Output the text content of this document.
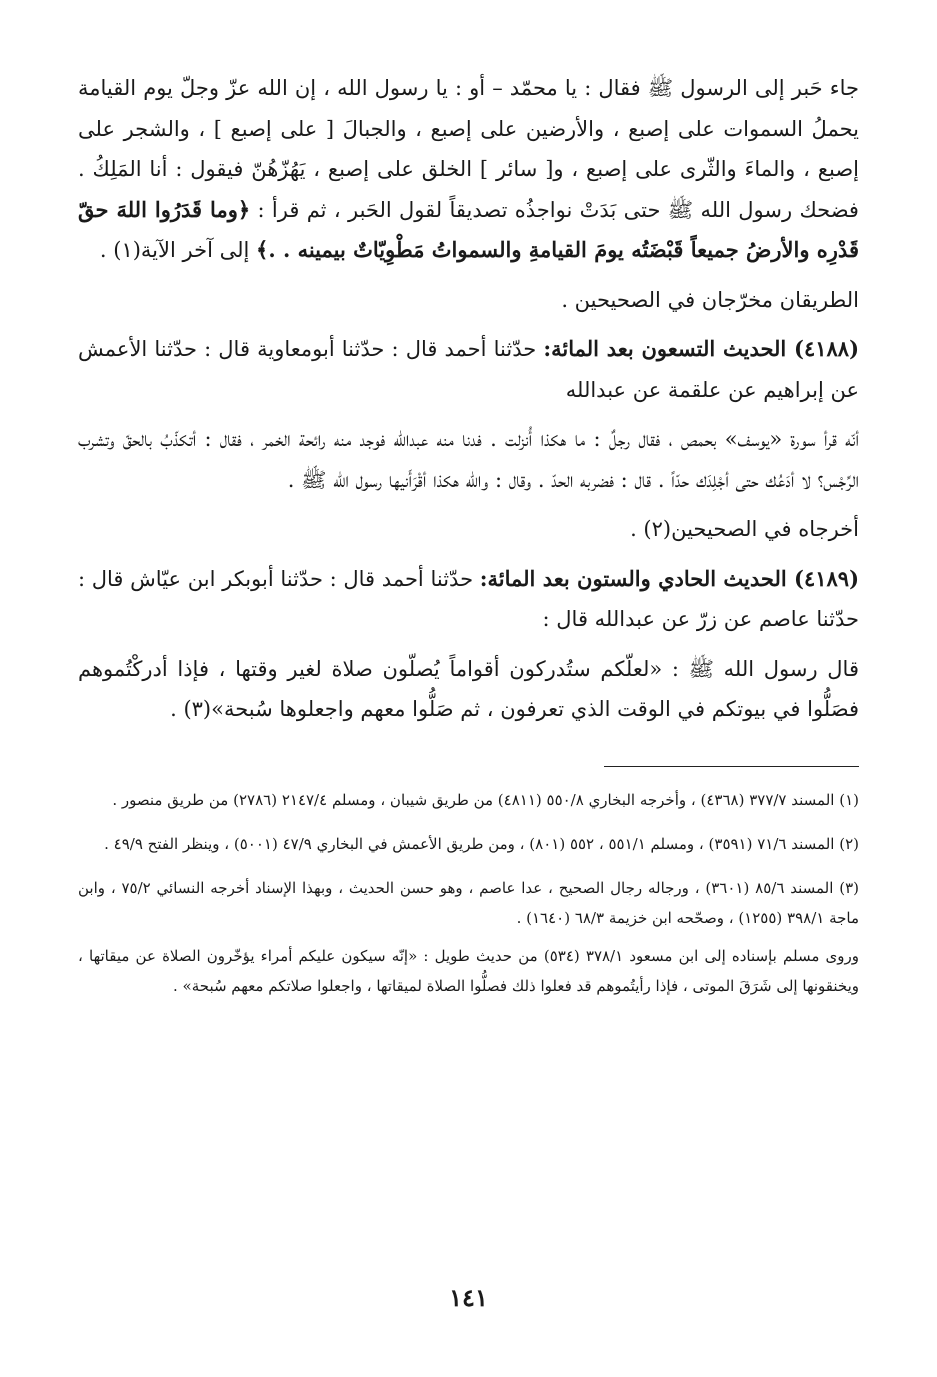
جاء حَبر إلى الرسول ﷺ فقال : يا محمّد – أو : يا رسول الله ، إن الله عزّ وجلّ يوم القيامة يحملُ السموات على إصبع ، والأرضين على إصبع ، والجبالَ [ على إصبع ] ، والشجر على إصبع ، والماءَ والثّرى على إصبع ، و[ سائر ] الخلق على إصبع ، يَهُزّهُنّ فيقول : أنا المَلِكُ . فضحك رسول الله ﷺ حتى بَدَتْ نواجذُه تصديقاً لقول الحَبر ، ثم قرأ : ﴿وما قَدَرُوا اللهَ حقّ قَدْرِه والأرضُ جميعاً قَبْضَتُه يومَ القيامةِ والسمواتُ مَطْوِيّاتٌ بيمينه . .﴾ إلى آخر الآية(١) .

الطريقان مخرّجان في الصحيحين .

(٤١٨٨) الحديث التسعون بعد المائة: حدّثنا أحمد قال : حدّثنا أبومعاوية قال : حدّثنا الأعمش عن إبراهيم عن علقمة عن عبدالله

أنّه قرأ سورة «يوسف» بحمص ، فقال رجلٌ : ما هكذا أُنزلت . فدنا منه عبدالله فوجد منه رائحة الخمر ، فقال : أتكذّبُ بالحقّ وتشرب الرِّجْس؟ لا أدَعُك حتى أجْلِدَك حدّاً . قال : فضربه الحدّ . وقال : والله هكذا أقْرَأَنيها رسول الله ﷺ .

أخرجاه في الصحيحين(٢) .

(٤١٨٩) الحديث الحادي والستون بعد المائة: حدّثنا أحمد قال : حدّثنا أبوبكر ابن عيّاش قال : حدّثنا عاصم عن زرّ عن عبدالله قال :

قال رسول الله ﷺ : «لعلّكم ستُدركون أقواماً يُصلّون صلاة لغير وقتها ، فإذا أدركْتُموهم فصَلُّوا في بيوتكم في الوقت الذي تعرفون ، ثم صَلُّوا معهم واجعلوها سُبحة»(٣) .

(١) المسند ٣٧٧/٧ (٤٣٦٨) ، وأخرجه البخاري ٥٥٠/٨ (٤٨١١) من طريق شيبان ، ومسلم ٢١٤٧/٤ (٢٧٨٦) من طريق منصور .

(٢) المسند ٧١/٦ (٣٥٩١) ، ومسلم ٥٥١/١ ، ٥٥٢ (٨٠١) ، ومن طريق الأعمش في البخاري ٤٧/٩ (٥٠٠١) ، وينظر الفتح ٤٩/٩ .

(٣) المسند ٨٥/٦ (٣٦٠١) ، ورجاله رجال الصحيح ، عدا عاصم ، وهو حسن الحديث ، وبهذا الإسناد أخرجه النسائي ٧٥/٢ ، وابن ماجة ٣٩٨/١ (١٢٥٥) ، وصحّحه ابن خزيمة ٦٨/٣ (١٦٤٠) .

وروى مسلم بإسناده إلى ابن مسعود ٣٧٨/١ (٥٣٤) من حديث طويل : «إنّه سيكون عليكم أمراء يؤخّرون الصلاة عن ميقاتها ، ويخنقونها إلى شَرَقَ الموتى ، فإذا رأيتُموهم قد فعلوا ذلك فصلُّوا الصلاة لميقاتها ، واجعلوا صلاتكم معهم سُبحة» .

١٤١
